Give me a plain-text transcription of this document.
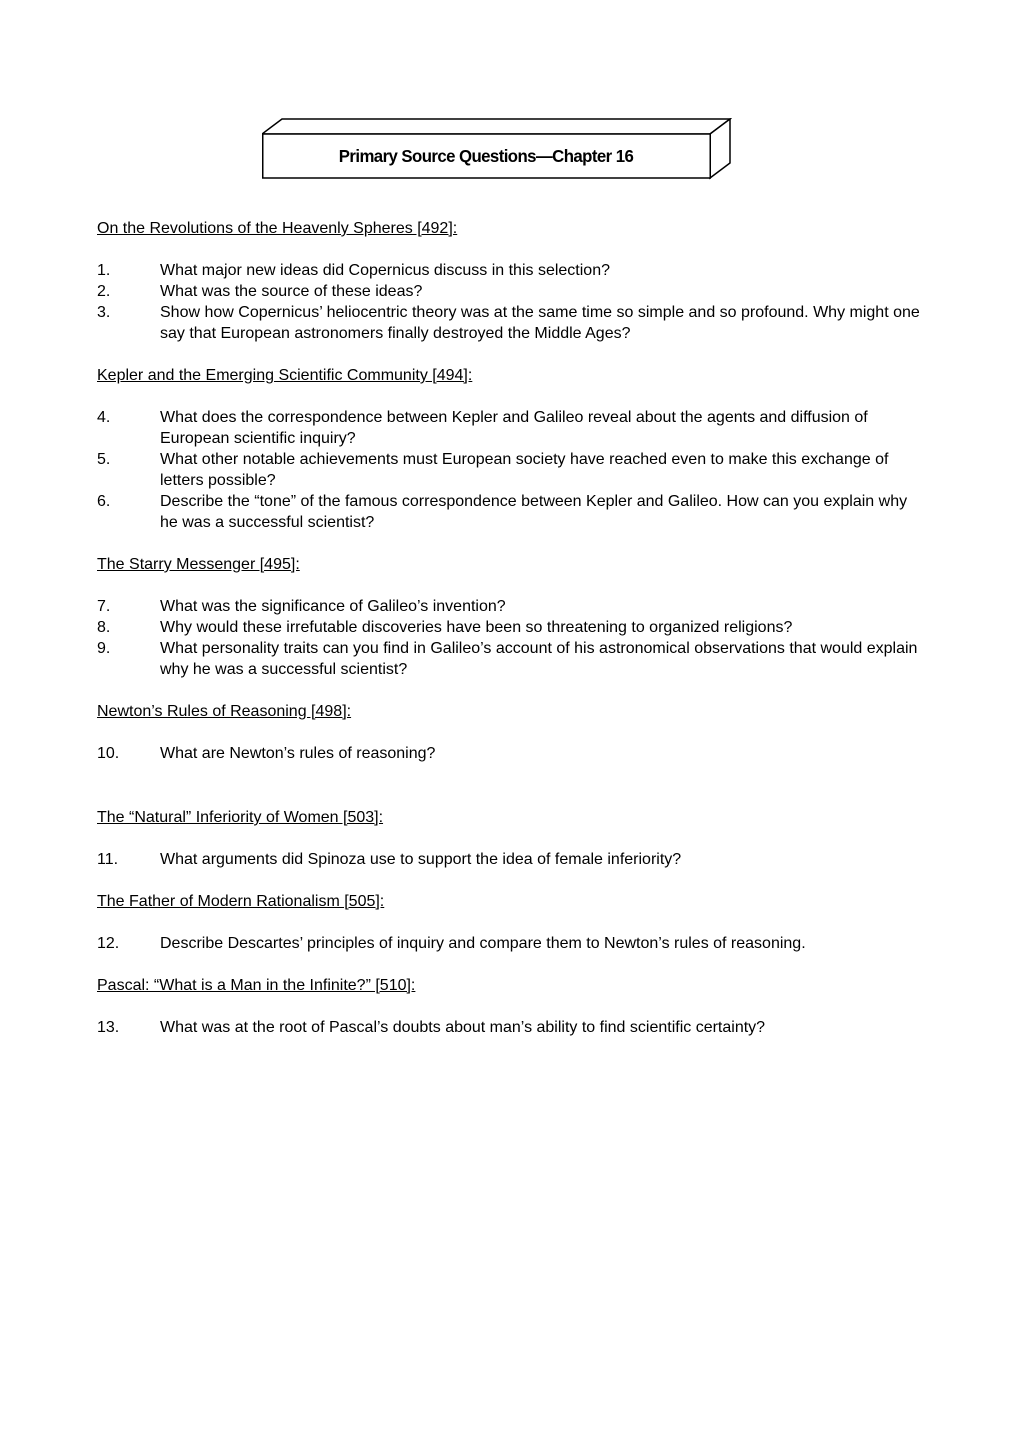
Primary Source Questions—Chapter 16
On the Revolutions of the Heavenly Spheres [492]:
1.	What major new ideas did Copernicus discuss in this selection?
2.	What was the source of these ideas?
3.	Show how Copernicus’ heliocentric theory was at the same time so simple and so profound. Why might one say that European astronomers finally destroyed the Middle Ages?
Kepler and the Emerging Scientific Community [494]:
4.	What does the correspondence between Kepler and Galileo reveal about the agents and diffusion of European scientific inquiry?
5.	What other notable achievements must European society have reached even to make this exchange of letters possible?
6.	Describe the “tone” of the famous correspondence between Kepler and Galileo. How can you explain why he was a successful scientist?
The Starry Messenger [495]:
7.	What was the significance of Galileo’s invention?
8.	Why would these irrefutable discoveries have been so threatening to organized religions?
9.	What personality traits can you find in Galileo’s account of his astronomical observations that would explain why he was a successful scientist?
Newton’s Rules of Reasoning [498]:
10.	What are Newton’s rules of reasoning?
The “Natural” Inferiority of Women [503]:
11.	What arguments did Spinoza use to support the idea of female inferiority?
The Father of Modern Rationalism [505]:
12.	Describe Descartes’ principles of inquiry and compare them to Newton’s rules of reasoning.
Pascal: “What is a Man in the Infinite?” [510]:
13.	What was at the root of Pascal’s doubts about man’s ability to find scientific certainty?
